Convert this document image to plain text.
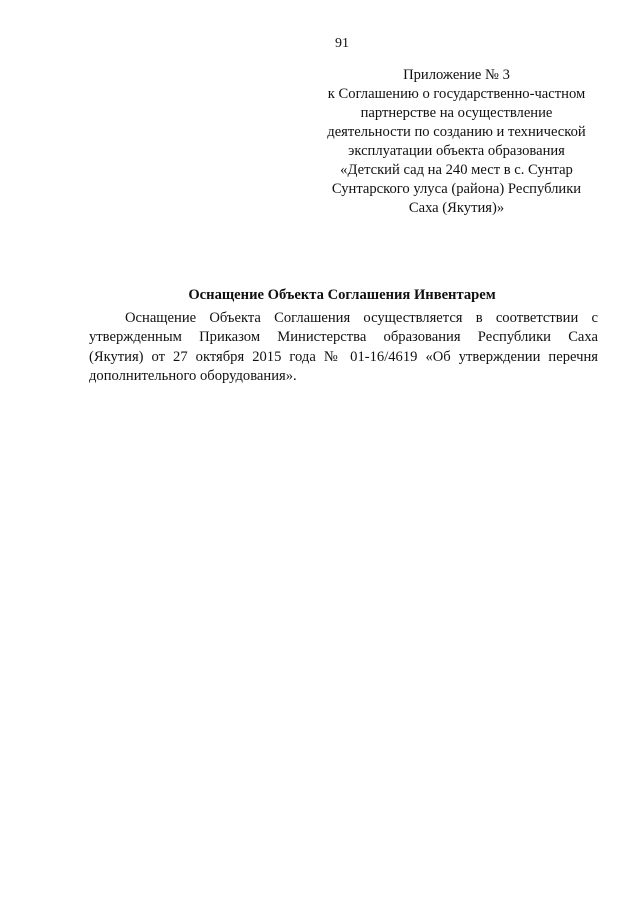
91
Приложение № 3
к Соглашению о государственно-частном
партнерстве на осуществление
деятельности по созданию и технической
эксплуатации объекта образования
«Детский сад на 240 мест в с. Сунтар
Сунтарского улуса (района) Республики
Саха (Якутия)»
Оснащение Объекта Соглашения Инвентарем
Оснащение Объекта Соглашения осуществляется в соответствии с
утвержденным Приказом Министерства образования Республики Саха
(Якутия) от 27 октября 2015 года № 01-16/4619 «Об утверждении перечня
дополнительного оборудования».
